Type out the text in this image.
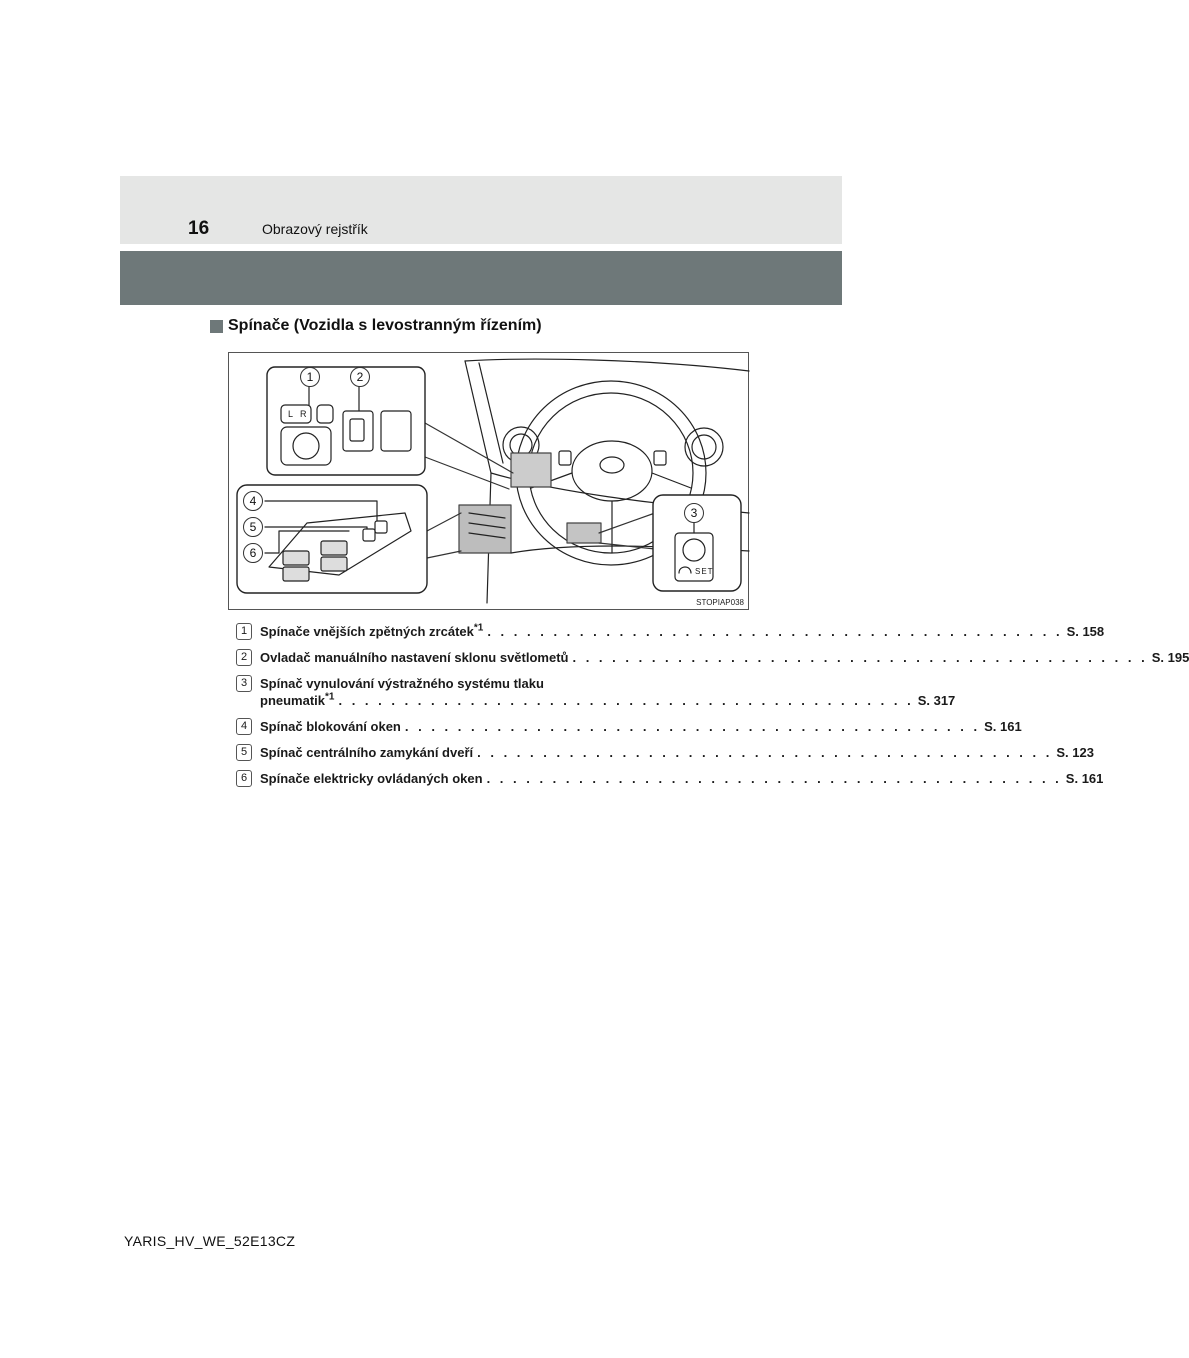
16	Obrazový rejstřík
Spínače (Vozidla s levostranným řízením)
1	2
3
4
5
6
L R
SET
STOPIAP038
1 Spínače vnějších zpětných zrcátek$^{*1}$ . . . . . . . . . . . . . . . . . . . . . . . . . . . . . . . . . . . . . . . . . . . . S. 158
2 Ovladač manuálního nastavení sklonu světlometů . . . . . . . . . . . . . . . . . . . . . . . . . . . . . . . . . . . . . . . . . . . . S. 195
3 Spínač vynulování výstražného systému tlaku
pneumatik$^{*1}$ . . . . . . . . . . . . . . . . . . . . . . . . . . . . . . . . . . . . . . . . . . . . S. 317
4 Spínač blokování oken . . . . . . . . . . . . . . . . . . . . . . . . . . . . . . . . . . . . . . . . . . . . S. 161
5 Spínač centrálního zamykání dveří . . . . . . . . . . . . . . . . . . . . . . . . . . . . . . . . . . . . . . . . . . . . S. 123
6 Spínače elektricky ovládaných oken . . . . . . . . . . . . . . . . . . . . . . . . . . . . . . . . . . . . . . . . . . . . S. 161
YARIS_HV_WE_52E13CZ
